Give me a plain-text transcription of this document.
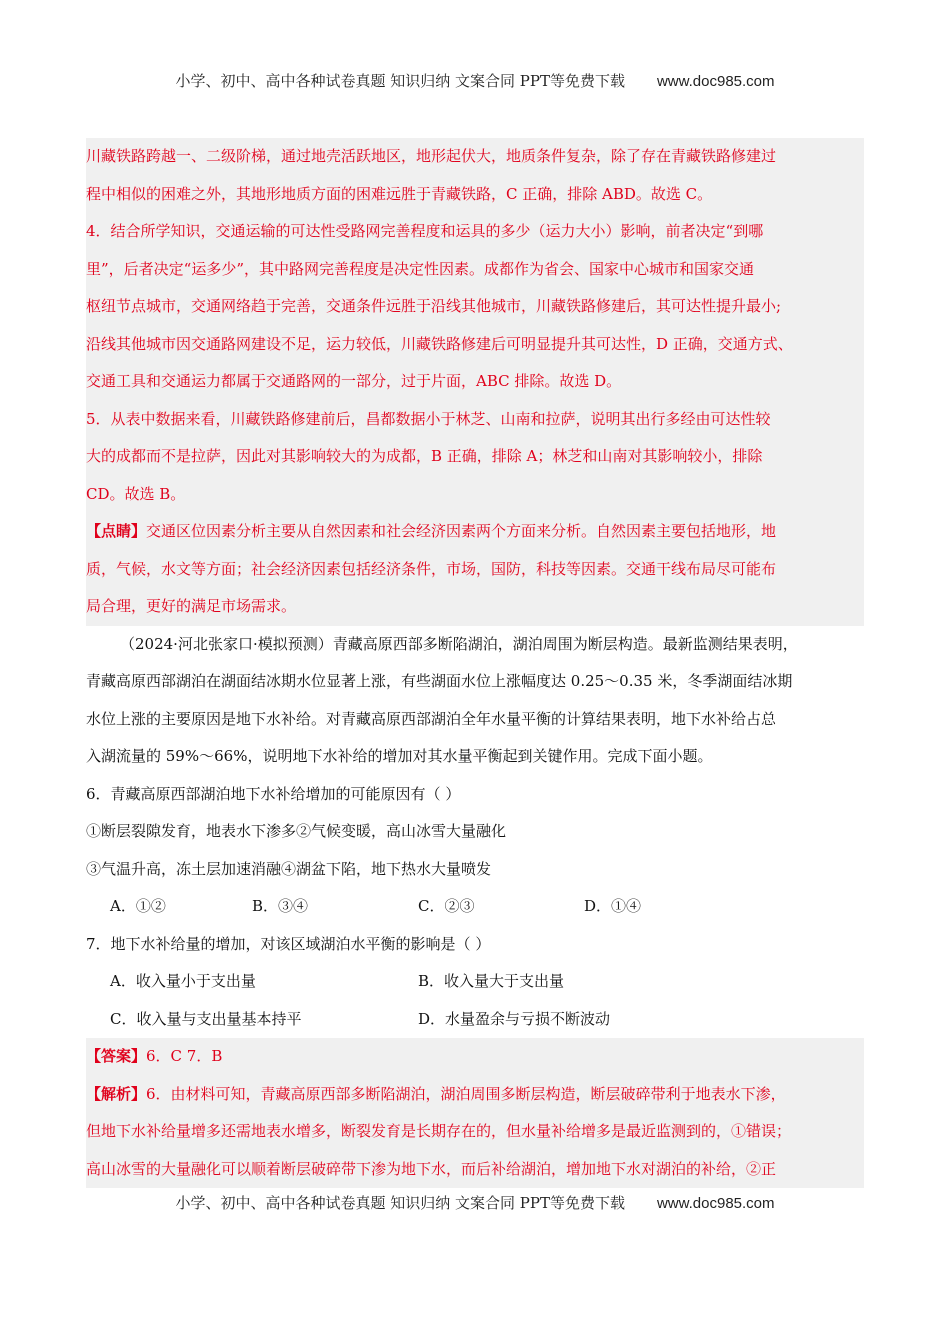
小学、初中、高中各种试卷真题 知识归纳 文案合同 PPT等免费下载 www.doc985.com
川藏铁路跨越一、二级阶梯，通过地壳活跃地区，地形起伏大，地质条件复杂，除了存在青藏铁路修建过
程中相似的困难之外，其地形地质方面的困难远胜于青藏铁路，C 正确，排除 ABD。故选 C。
4．结合所学知识，交通运输的可达性受路网完善程度和运具的多少（运力大小）影响，前者决定“到哪
里”，后者决定“运多少”，其中路网完善程度是决定性因素。成都作为省会、国家中心城市和国家交通
枢纽节点城市，交通网络趋于完善，交通条件远胜于沿线其他城市，川藏铁路修建后，其可达性提升最小;
沿线其他城市因交通路网建设不足，运力较低，川藏铁路修建后可明显提升其可达性，D 正确，交通方式、
交通工具和交通运力都属于交通路网的一部分，过于片面，ABC 排除。故选 D。
5．从表中数据来看，川藏铁路修建前后，昌都数据小于林芝、山南和拉萨，说明其出行多经由可达性较
大的成都而不是拉萨，因此对其影响较大的为成都，B 正确，排除 A；林芝和山南对其影响较小，排除
CD。故选 B。
【点睛】交通区位因素分析主要从自然因素和社会经济因素两个方面来分析。自然因素主要包括地形，地
质，气候，水文等方面；社会经济因素包括经济条件，市场，国防，科技等因素。交通干线布局尽可能布
局合理，更好的满足市场需求。
（2024·河北张家口·模拟预测）青藏高原西部多断陷湖泊，湖泊周围为断层构造。最新监测结果表明，
青藏高原西部湖泊在湖面结冰期水位显著上涨，有些湖面水位上涨幅度达 0.25～0.35 米，冬季湖面结冰期
水位上涨的主要原因是地下水补给。对青藏高原西部湖泊全年水量平衡的计算结果表明，地下水补给占总
入湖流量的 59%～66%，说明地下水补给的增加对其水量平衡起到关键作用。完成下面小题。
6．青藏高原西部湖泊地下水补给增加的可能原因有（ ）
①断层裂隙发育，地表水下渗多②气候变暖，高山冰雪大量融化
③气温升高，冻土层加速消融④湖盆下陷，地下热水大量喷发
A．①②	B．③④	C．②③	D．①④
7．地下水补给量的增加，对该区域湖泊水平衡的影响是（ ）
A．收入量小于支出量	B．收入量大于支出量
C．收入量与支出量基本持平	D．水量盈余与亏损不断波动
【答案】6．C 7．B
【解析】6．由材料可知，青藏高原西部多断陷湖泊，湖泊周围多断层构造，断层破碎带利于地表水下渗，
但地下水补给量增多还需地表水增多，断裂发育是长期存在的，但水量补给增多是最近监测到的，①错误；
高山冰雪的大量融化可以顺着断层破碎带下渗为地下水，而后补给湖泊，增加地下水对湖泊的补给，②正
小学、初中、高中各种试卷真题 知识归纳 文案合同 PPT等免费下载 www.doc985.com
